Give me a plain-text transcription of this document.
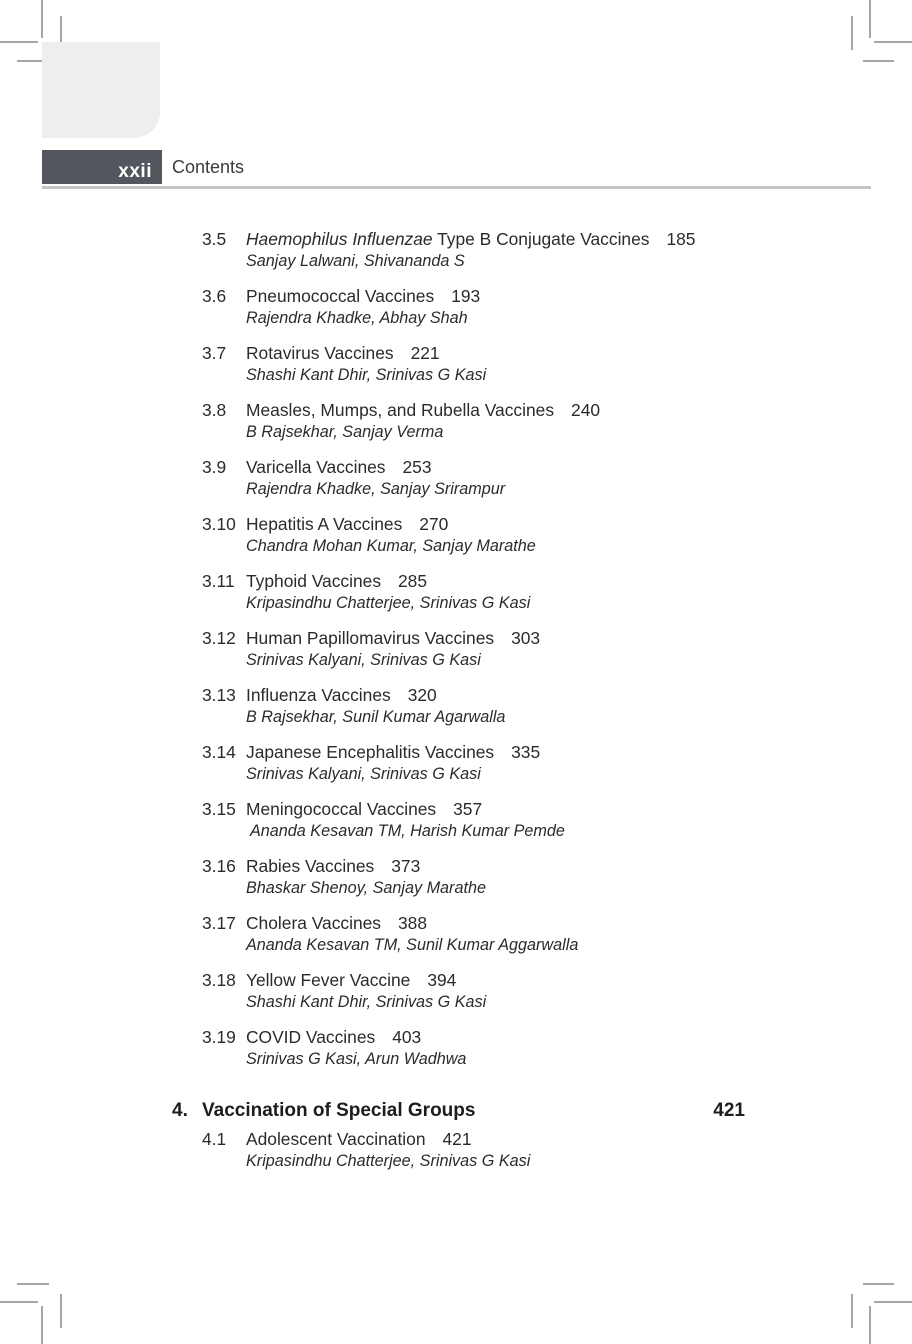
xxii Contents
3.5	Haemophilus Influenzae Type B Conjugate Vaccines 185
Sanjay Lalwani, Shivananda S
3.6	Pneumococcal Vaccines 193
Rajendra Khadke, Abhay Shah
3.7	Rotavirus Vaccines 221
Shashi Kant Dhir, Srinivas G Kasi
3.8	Measles, Mumps, and Rubella Vaccines 240
B Rajsekhar, Sanjay Verma
3.9	Varicella Vaccines 253
Rajendra Khadke, Sanjay Srirampur
3.10 Hepatitis A Vaccines 270
Chandra Mohan Kumar, Sanjay Marathe
3.11 Typhoid Vaccines 285
Kripasindhu Chatterjee, Srinivas G Kasi
3.12 Human Papillomavirus Vaccines 303
Srinivas Kalyani, Srinivas G Kasi
3.13 Influenza Vaccines 320
B Rajsekhar, Sunil Kumar Agarwalla
3.14 Japanese Encephalitis Vaccines 335
Srinivas Kalyani, Srinivas G Kasi
3.15 Meningococcal Vaccines 357
Ananda Kesavan TM, Harish Kumar Pemde
3.16 Rabies Vaccines 373
Bhaskar Shenoy, Sanjay Marathe
3.17 Cholera Vaccines 388
Ananda Kesavan TM, Sunil Kumar Aggarwalla
3.18 Yellow Fever Vaccine 394
Shashi Kant Dhir, Srinivas G Kasi
3.19 COVID Vaccines 403
Srinivas G Kasi, Arun Wadhwa
4. Vaccination of Special Groups	421
4.1	Adolescent Vaccination 421
Kripasindhu Chatterjee, Srinivas G Kasi
